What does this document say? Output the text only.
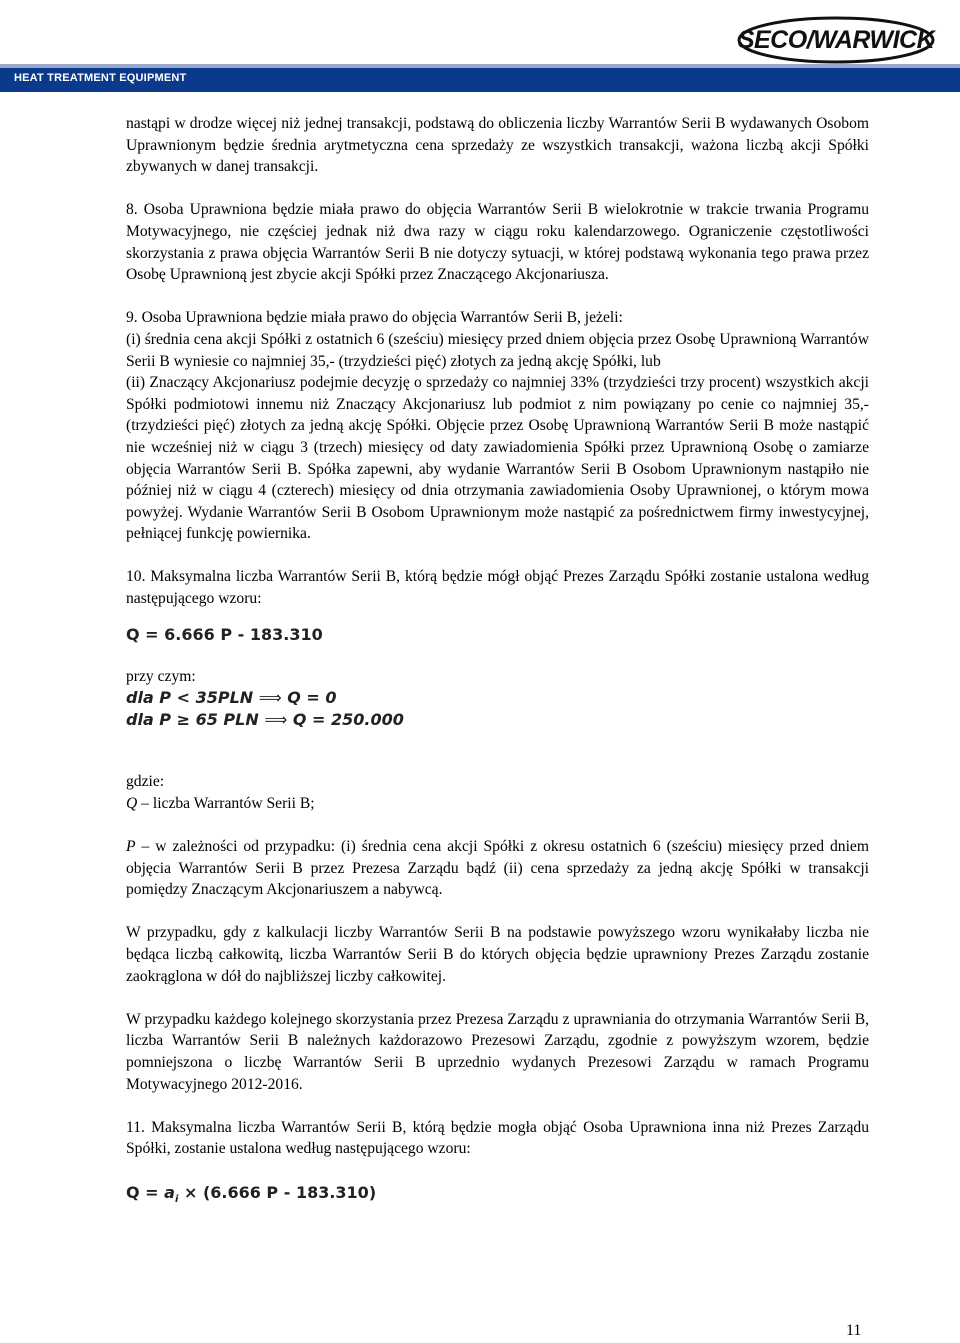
SECO/WARWICK
HEAT TREATMENT EQUIPMENT

nastąpi w drodze więcej niż jednej transakcji, podstawą do obliczenia liczby Warrantów Serii B wydawanych Osobom Uprawnionym będzie średnia arytmetyczna cena sprzedaży ze wszystkich transakcji, ważona liczbą akcji Spółki zbywanych w danej transakcji.

8. Osoba Uprawniona będzie miała prawo do objęcia Warrantów Serii B wielokrotnie w trakcie trwania Programu Motywacyjnego, nie częściej jednak niż dwa razy w ciągu roku kalendarzowego. Ograniczenie częstotliwości skorzystania z prawa objęcia Warrantów Serii B nie dotyczy sytuacji, w której podstawą wykonania tego prawa przez Osobę Uprawnioną jest zbycie akcji Spółki przez Znaczącego Akcjonariusza.

9. Osoba Uprawniona będzie miała prawo do objęcia Warrantów Serii B, jeżeli:

(i) średnia cena akcji Spółki z ostatnich 6 (sześciu) miesięcy przed dniem objęcia przez Osobę Uprawnioną Warrantów Serii B wyniesie co najmniej 35,- (trzydzieści pięć) złotych za jedną akcję Spółki, lub

(ii) Znaczący Akcjonariusz podejmie decyzję o sprzedaży co najmniej 33% (trzydzieści trzy procent) wszystkich akcji Spółki podmiotowi innemu niż Znaczący Akcjonariusz lub podmiot z nim powiązany po cenie co najmniej 35,- (trzydzieści pięć) złotych za jedną akcję Spółki. Objęcie przez Osobę Uprawnioną Warrantów Serii B może nastąpić nie wcześniej niż w ciągu 3 (trzech) miesięcy od daty zawiadomienia Spółki przez Uprawnioną Osobę o zamiarze objęcia Warrantów Serii B. Spółka zapewni, aby wydanie Warrantów Serii B Osobom Uprawnionym nastąpiło nie później niż w ciągu 4 (czterech) miesięcy od dnia otrzymania zawiadomienia Osoby Uprawnionej, o którym mowa powyżej. Wydanie Warrantów Serii B Osobom Uprawnionym może nastąpić za pośrednictwem firmy inwestycyjnej, pełniącej funkcję powiernika.

10. Maksymalna liczba Warrantów Serii B, którą będzie mógł objąć Prezes Zarządu Spółki zostanie ustalona według następującego wzoru:

Q = 6.666 P - 183.310

przy czym:

dla P < 35PLN ⟹ Q = 0

dla P ≥ 65 PLN ⟹ Q = 250.000

gdzie:

Q – liczba Warrantów Serii B;

P – w zależności od przypadku: (i) średnia cena akcji Spółki z okresu ostatnich 6 (sześciu) miesięcy przed dniem objęcia Warrantów Serii B przez Prezesa Zarządu bądź (ii) cena sprzedaży za jedną akcję Spółki w transakcji pomiędzy Znaczącym Akcjonariuszem a nabywcą.

W przypadku, gdy z kalkulacji liczby Warrantów Serii B na podstawie powyższego wzoru wynikałaby liczba nie będąca liczbą całkowitą, liczba Warrantów Serii B do których objęcia będzie uprawniony Prezes Zarządu zostanie zaokrąglona w dół do najbliższej liczby całkowitej.

W przypadku każdego kolejnego skorzystania przez Prezesa Zarządu z uprawniania do otrzymania Warrantów Serii B, liczba Warrantów Serii B należnych każdorazowo Prezesowi Zarządu, zgodnie z powyższym wzorem, będzie pomniejszona o liczbę Warrantów Serii B uprzednio wydanych Prezesowi Zarządu w ramach Programu Motywacyjnego 2012-2016.

11. Maksymalna liczba Warrantów Serii B, którą będzie mogła objąć Osoba Uprawniona inna niż Prezes Zarządu Spółki, zostanie ustalona według następującego wzoru:

$Q = a_i \times (6.666$ P - 183.310)

11
